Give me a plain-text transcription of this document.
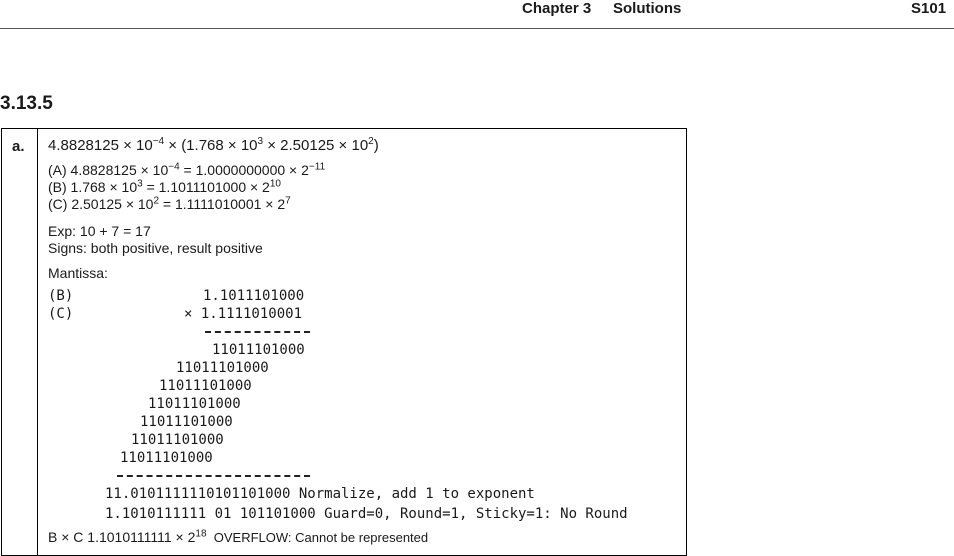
Chapter 3 Solutions	S101
3.13.5
a. $4.8828125 \times 10^{-4} \times (1.768 \times 10^3 \times 2.50125 \times 10^2)$
(A) $4.8828125 \times 10^{-4} = 1.0000000000 \times 2^{-11}$
(B) $1.768 \times 10^3 = 1.1011101000 \times 2^{10}$
(C) $2.50125 \times 10^2 = 1.1111010001 \times 2^7$
Exp: 10 + 7 = 17
Signs: both positive, result positive
Mantissa:
(B)	1.1011101000
(C)	× 1.1111010001
11011101000
11011101000
11011101000
11011101000
11011101000
11011101000
11011101000
11.0101111110101101000 Normalize, add 1 to exponent
1.1010111111 01 101101000 Guard=0, Round=1, Sticky=1: No Round
B × C $1.1010111111 \times 2^{18}$ OVERFLOW: Cannot be represented
